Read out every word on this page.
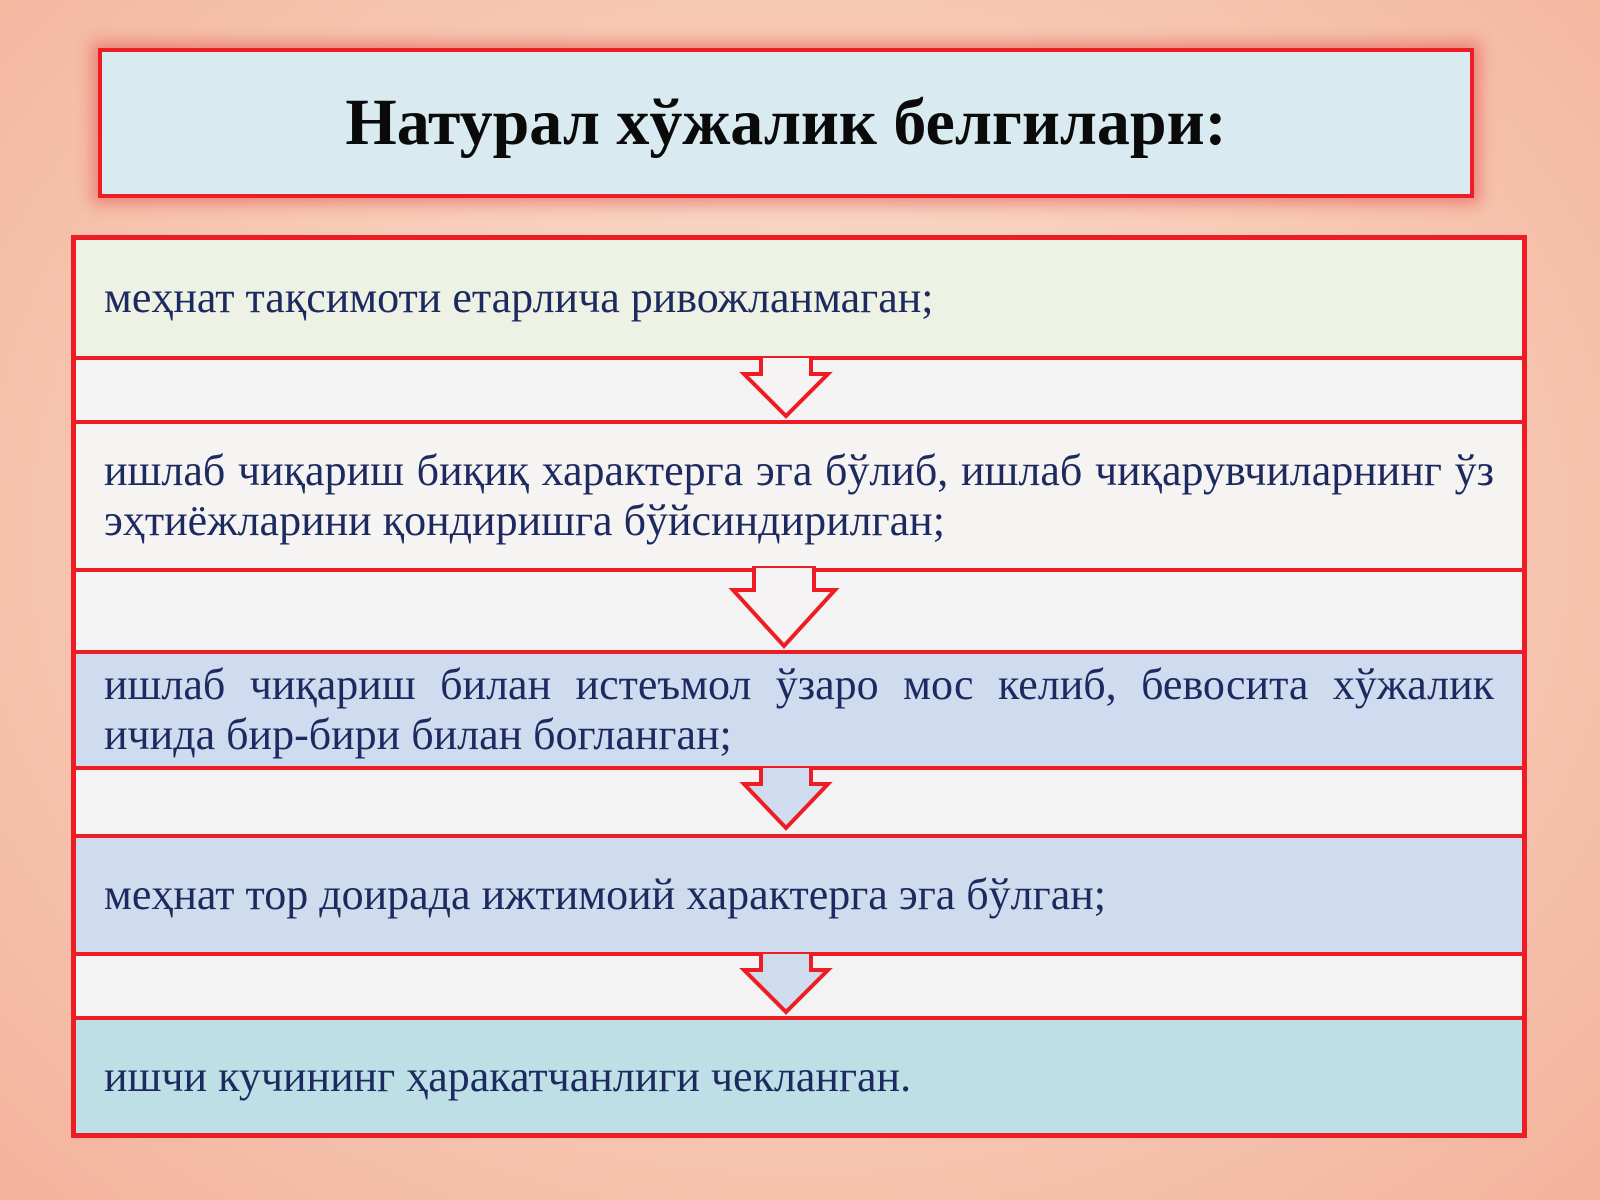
Натурал хўжалик белгилари:
меҳнат тақсимоти етарлича ривожланмаган;
ишлаб чиқариш биқиқ характерга эга бўлиб, ишлаб чиқарувчиларнинг ўз эҳтиёжларини қондиришга бўйсиндирилган;
ишлаб чиқариш билан истеъмол ўзаро мос келиб, бевосита хўжалик ичида бир-бири билан богланган;
меҳнат тор доирада ижтимоий характерга эга бўлган;
ишчи кучининг ҳаракатчанлиги чекланган.
